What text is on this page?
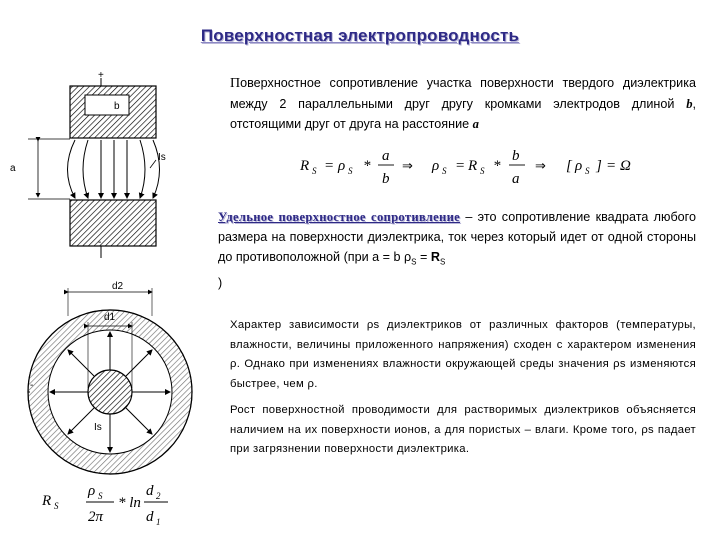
Поверхностная электропроводность
+
b
a
Is
-
d2
d1
Is
-
R S = ρ S *
a
b
⇒ ρ S = R S *
b
a
⇒ [ ρ S ] = Ω
R S
ρ S
2π
* ln
d 2
d 1
Поверхностное сопротивление участка поверхности твердого диэлектрика между 2 параллельными друг другу кромками электродов длиной b, отстоящими друг от друга на расстояние a
Удельное поверхностное сопротивление – это сопротивление квадрата любого размера на поверхности диэлектрика, ток через который идет от одной стороны до противоположной (при a = b $\rho_S = R_S$
)
Характер зависимости ρs диэлектриков от различных факторов (температуры, влажности, величины приложенного напряжения) сходен с характером изменения ρ. Однако при изменениях влажности окружающей среды значения ρs изменяются быстрее, чем ρ.
Рост поверхностной проводимости для растворимых диэлектриков объясняется наличием на их поверхности ионов, а для пористых – влаги. Кроме того, ρs падает при загрязнении поверхности диэлектрика.
